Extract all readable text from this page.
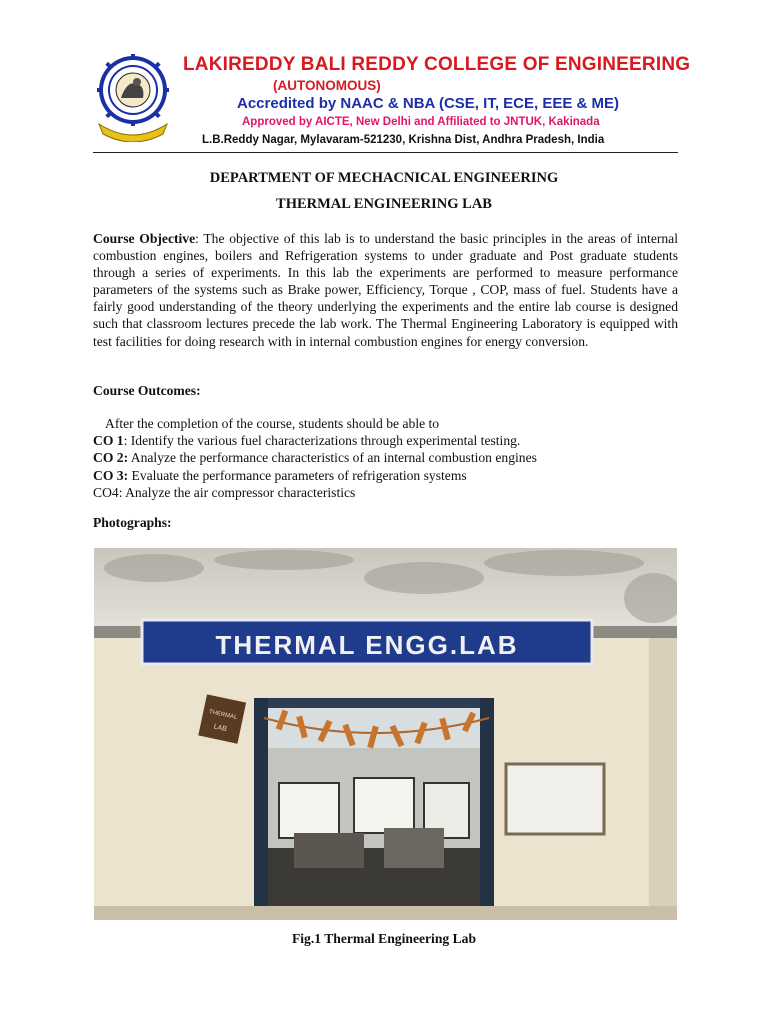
LAKIREDDY BALI REDDY COLLEGE OF ENGINEERING
(AUTONOMOUS)
Accredited by NAAC & NBA (CSE, IT, ECE, EEE & ME)
Approved by AICTE, New Delhi and Affiliated to JNTUK, Kakinada
L.B.Reddy Nagar, Mylavaram-521230, Krishna Dist, Andhra Pradesh, India
DEPARTMENT OF MECHACNICAL ENGINEERING
THERMAL ENGINEERING LAB
Course Objective: The objective of this lab is to understand the basic principles in the areas of internal combustion engines, boilers and Refrigeration systems to under graduate and Post graduate students through a series of experiments. In this lab the experiments are performed to measure performance parameters of the systems such as Brake power, Efficiency, Torque , COP, mass of fuel. Students have a fairly good understanding of the theory underlying the experiments and the entire lab course is designed such that classroom lectures precede the lab work. The Thermal Engineering Laboratory is equipped with test facilities for doing research with in internal combustion engines for energy conversion.
Course Outcomes:
After the completion of the course, students should be able to
CO 1: Identify the various fuel characterizations through experimental testing.
CO 2: Analyze the performance characteristics of an internal combustion engines
CO 3: Evaluate the performance parameters of refrigeration systems
CO4: Analyze the air compressor characteristics
Photographs:
THERMAL ENGG.LAB
THERMAL
LAB
Fig.1 Thermal Engineering Lab
